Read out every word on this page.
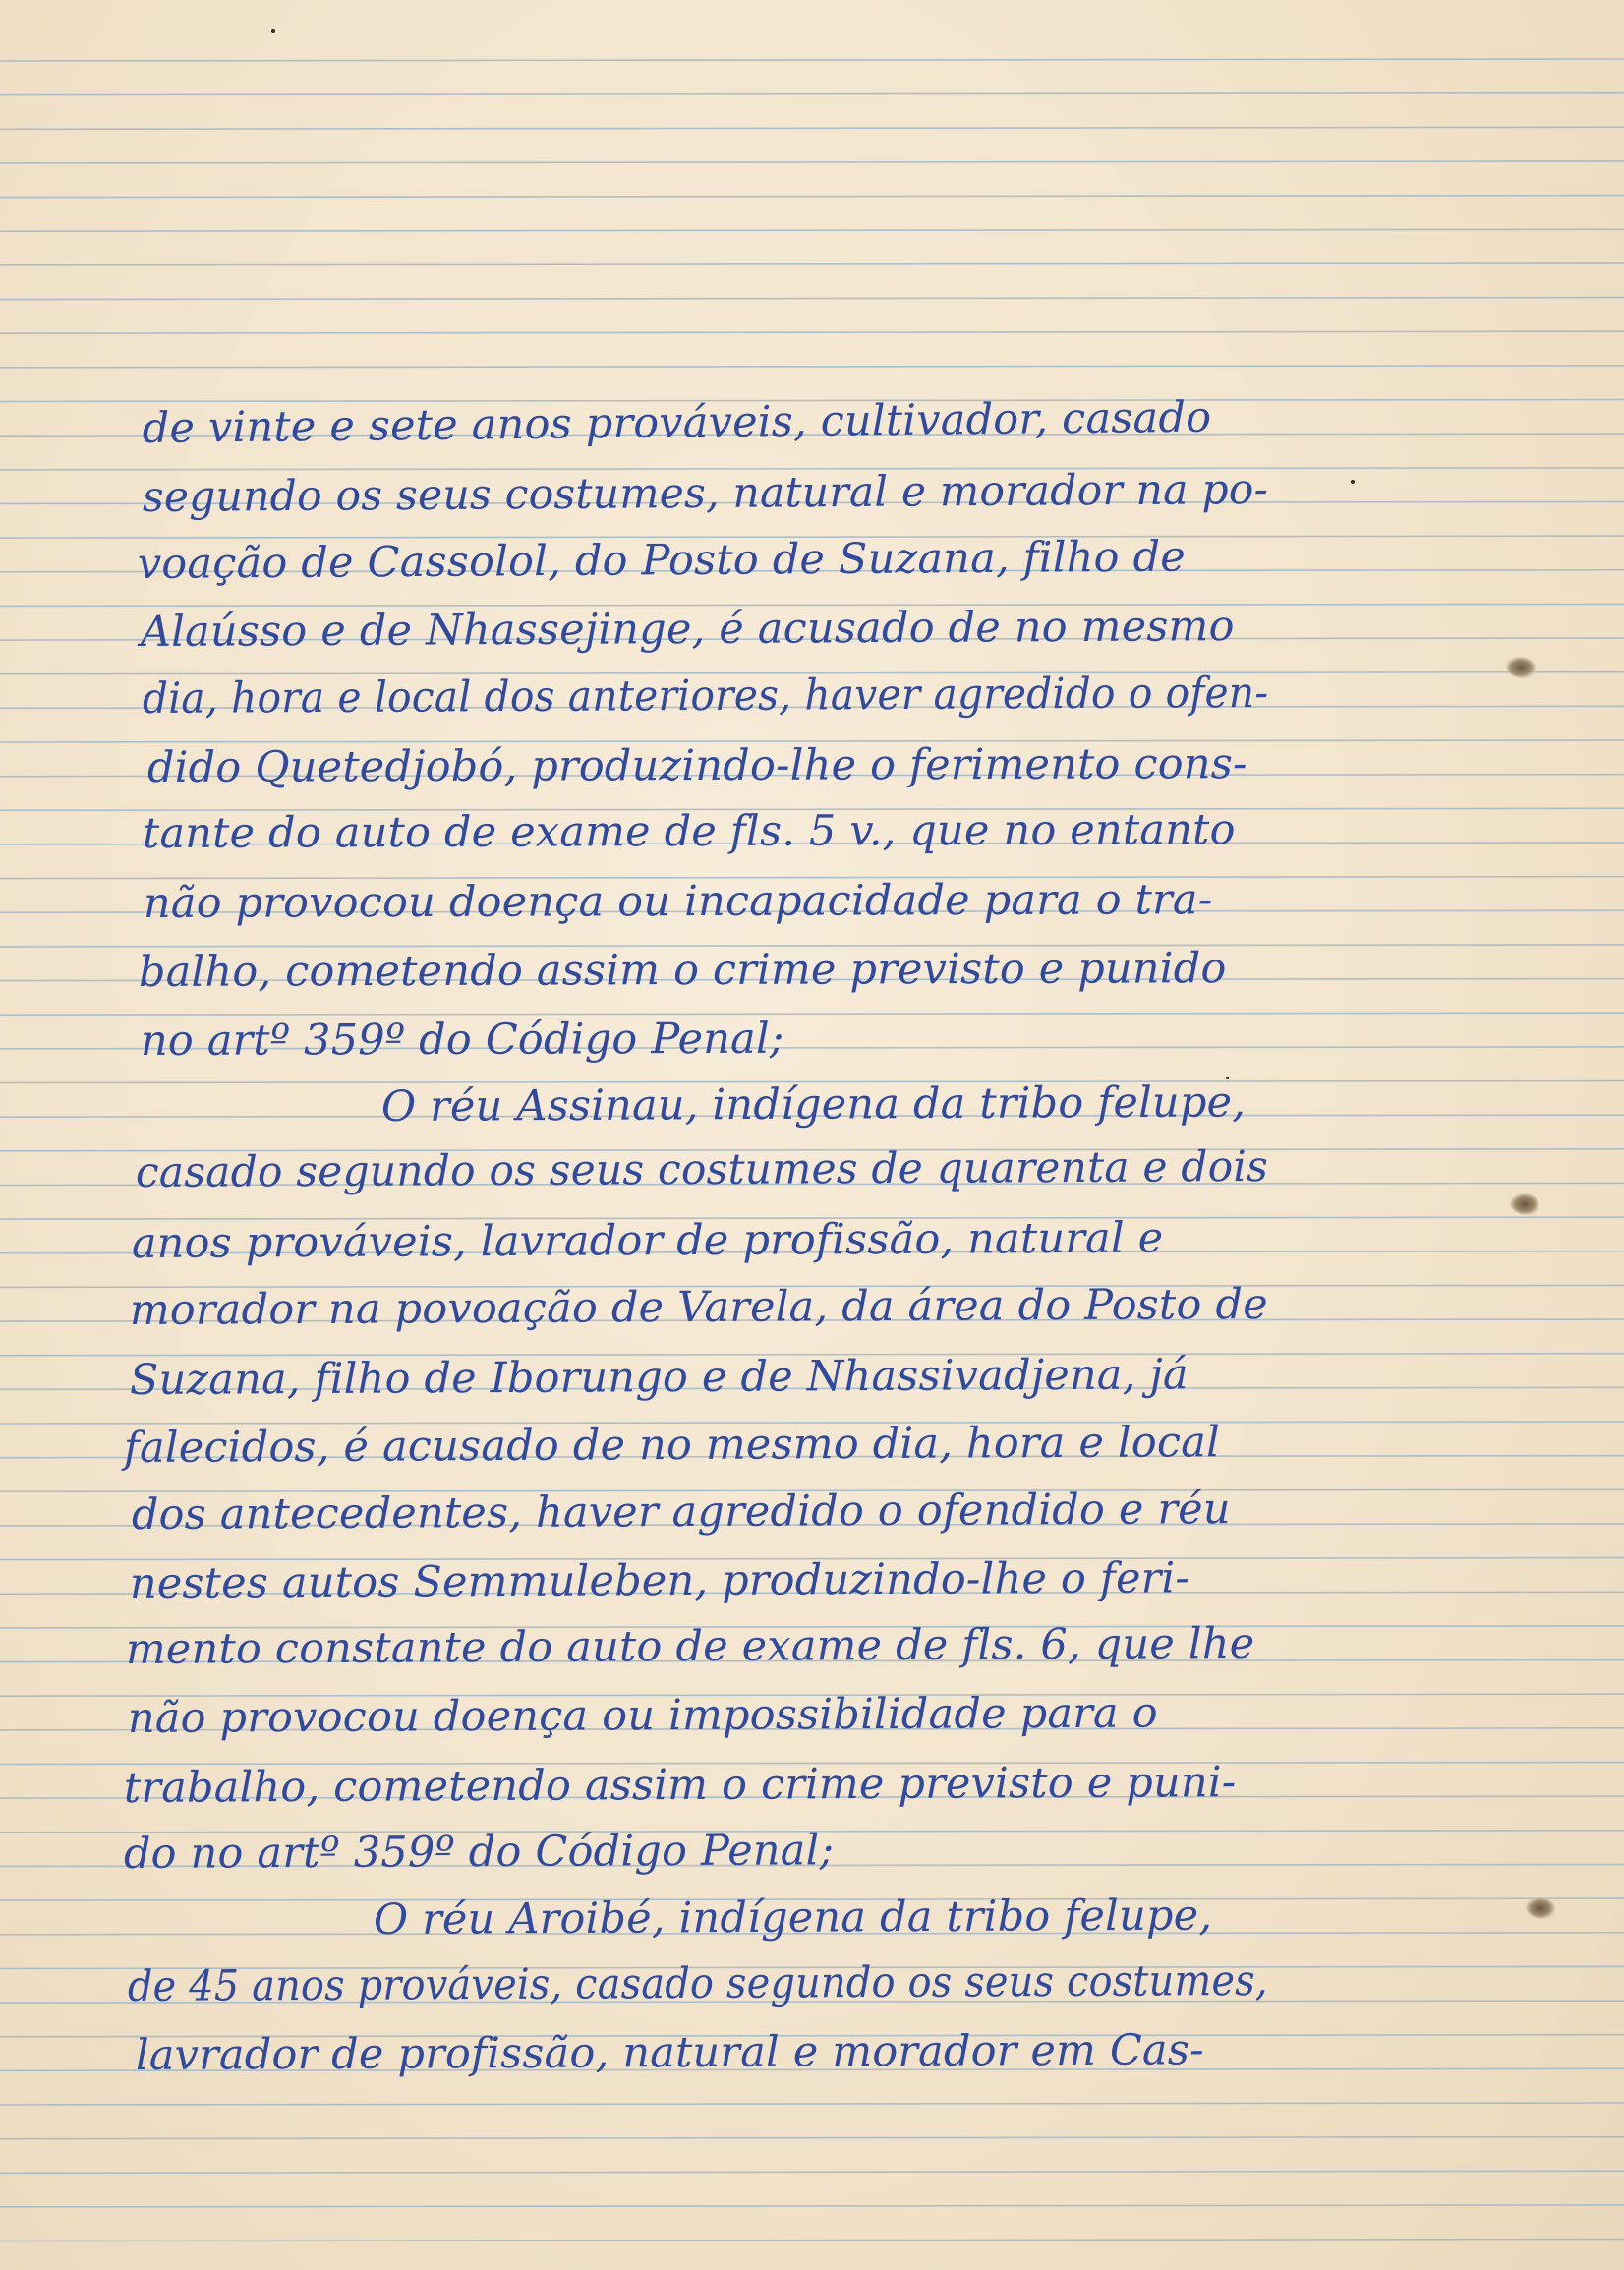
de vinte e sete anos prováveis, cultivador, casado

segundo os seus costumes, natural e morador na po-

voação de Cassolol, do Posto de Suzana, filho de

Alaússo e de Nhassejinge, é acusado de no mesmo

dia, hora e local dos anteriores, haver agredido o ofen-

dido Quetedjobó, produzindo-lhe o ferimento cons-

tante do auto de exame de fls. 5 v., que no entanto

não provocou doença ou incapacidade para o tra-

balho, cometendo assim o crime previsto e punido

no artº 359º do Código Penal;

O réu Assinau, indígena da tribo felupe,

casado segundo os seus costumes de quarenta e dois

anos prováveis, lavrador de profissão, natural e

morador na povoação de Varela, da área do Posto de

Suzana, filho de Iborungo e de Nhassivadjena, já

falecidos, é acusado de no mesmo dia, hora e local

dos antecedentes, haver agredido o ofendido e réu

nestes autos Semmuleben, produzindo-lhe o feri-

mento constante do auto de exame de fls. 6, que lhe

não provocou doença ou impossibilidade para o

trabalho, cometendo assim o crime previsto e puni-

do no artº 359º do Código Penal;

O réu Aroibé, indígena da tribo felupe,

de 45 anos prováveis, casado segundo os seus costumes,

lavrador de profissão, natural e morador em Cas-
